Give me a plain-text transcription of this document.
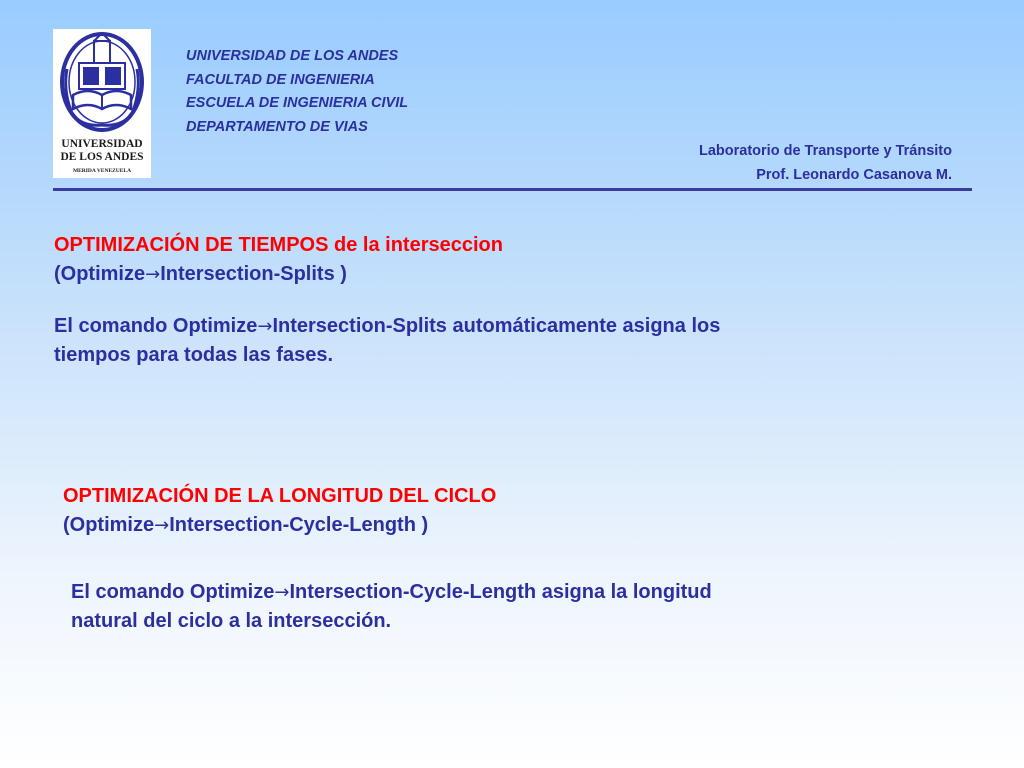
UNIVERSIDAD
DE LOS ANDES
MERIDA VENEZUELA
UNIVERSIDAD DE LOS ANDES
FACULTAD DE INGENIERIA
ESCUELA DE INGENIERIA CIVIL
DEPARTAMENTO DE VIAS
Laboratorio de Transporte y Tránsito
Prof. Leonardo Casanova M.
OPTIMIZACIÓN DE TIEMPOS de la interseccion
(Optimize→Intersection-Splits )
El comando Optimize→Intersection-Splits automáticamente asigna los
tiempos para todas las fases.
OPTIMIZACIÓN DE LA LONGITUD DEL CICLO
(Optimize→Intersection-Cycle-Length )
El comando Optimize→Intersection-Cycle-Length asigna la longitud
natural del ciclo a la intersección.
